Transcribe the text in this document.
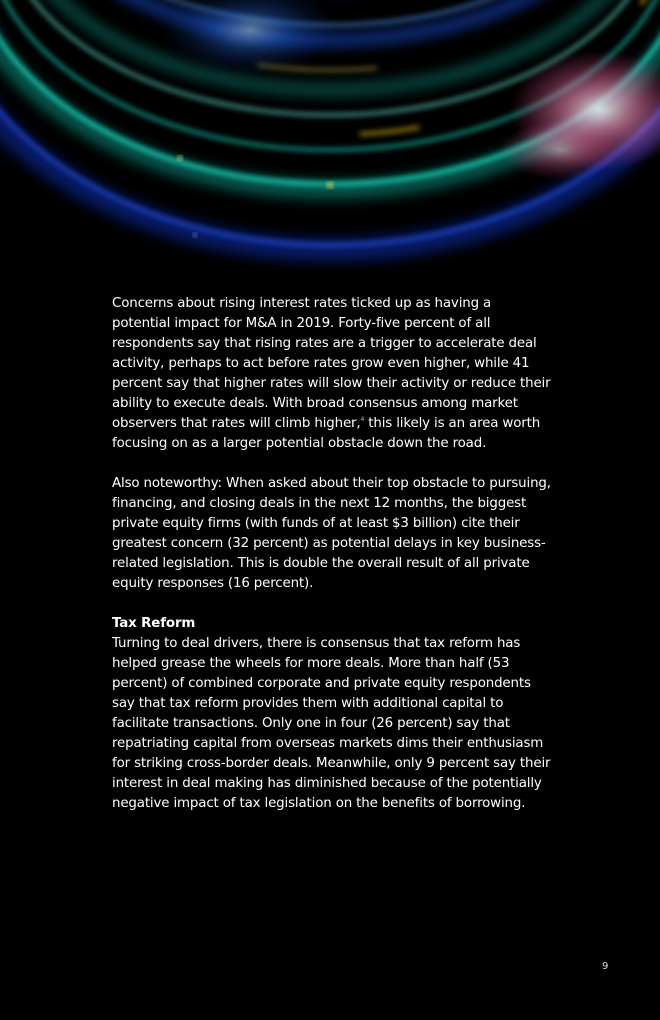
Concerns about rising interest rates ticked up as having a potential impact for M&A in 2019. Forty-five percent of all respondents say that rising rates are a trigger to accelerate deal activity, perhaps to act before rates grow even higher, while 41 percent say that higher rates will slow their activity or reduce their ability to execute deals. With broad consensus among market observers that rates will climb higher,$^4$ this likely is an area worth focusing on as a larger potential obstacle down the road.

Also noteworthy: When asked about their top obstacle to pursuing, financing, and closing deals in the next 12 months, the biggest private equity firms (with funds of at least $3 billion) cite their greatest concern (32 percent) as potential delays in key business-related legislation. This is double the overall result of all private equity responses (16 percent).

Tax Reform

Turning to deal drivers, there is consensus that tax reform has helped grease the wheels for more deals. More than half (53 percent) of combined corporate and private equity respondents say that tax reform provides them with additional capital to facilitate transactions. Only one in four (26 percent) say that repatriating capital from overseas markets dims their enthusiasm for striking cross-border deals. Meanwhile, only 9 percent say their interest in deal making has diminished because of the potentially negative impact of tax legislation on the benefits of borrowing.

9
